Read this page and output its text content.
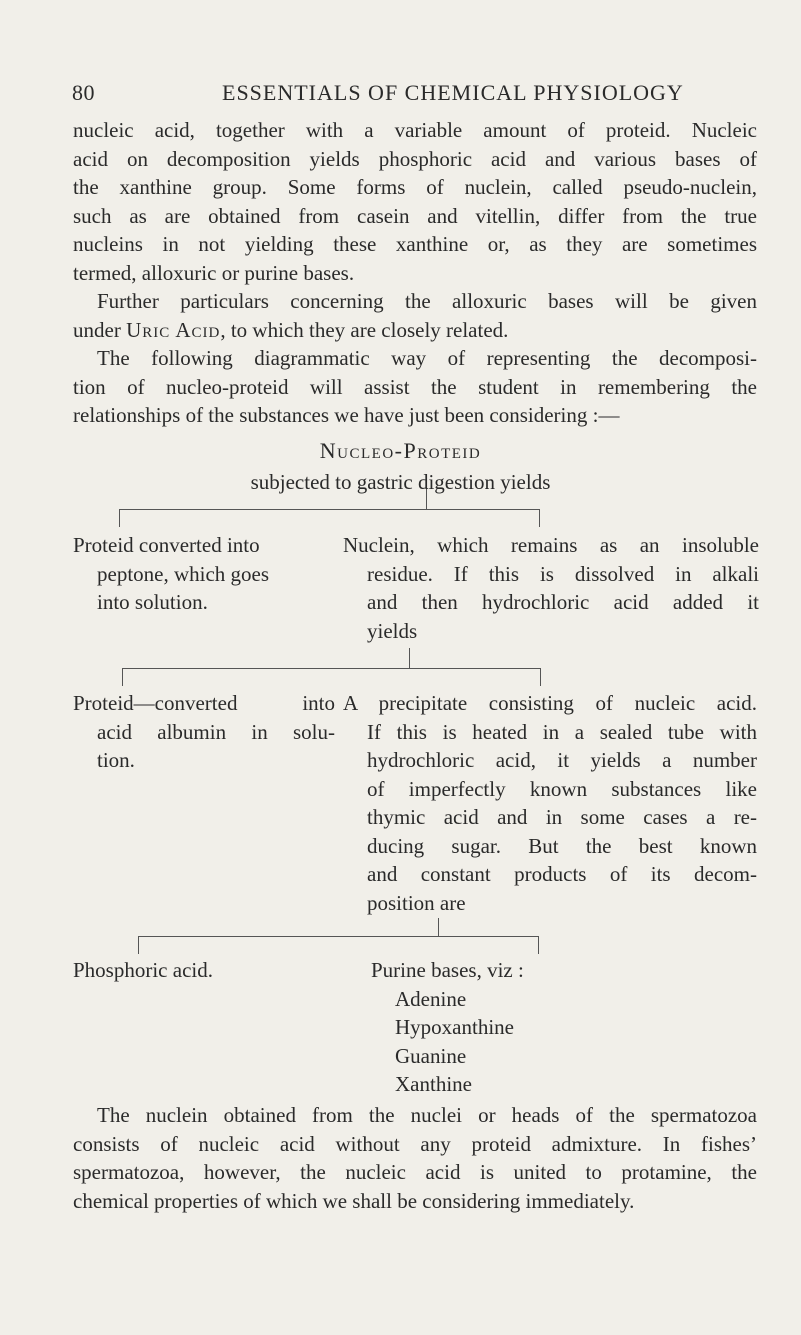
80	ESSENTIALS OF CHEMICAL PHYSIOLOGY
nucleic acid, together with a variable amount of proteid. Nucleic
acid on decomposition yields phosphoric acid and various bases of
the xanthine group. Some forms of nuclein, called pseudo-nuclein,
such as are obtained from casein and vitellin, differ from the true
nucleins in not yielding these xanthine or, as they are sometimes
termed, alloxuric or purine bases.
Further particulars concerning the alloxuric bases will be given
under Uric Acid, to which they are closely related.
The following diagrammatic way of representing the decomposi-
tion of nucleo-proteid will assist the student in remembering the
relationships of the substances we have just been considering :—
Nucleo-Proteid
subjected to gastric digestion yields
Proteid converted into
peptone, which goes
into solution.
Nuclein, which remains as an insoluble
residue. If this is dissolved in alkali
and then hydrochloric acid added it
yields
Proteid—converted into
acid albumin in solu-
tion.
A precipitate consisting of nucleic acid.
If this is heated in a sealed tube with
hydrochloric acid, it yields a number
of imperfectly known substances like
thymic acid and in some cases a re-
ducing sugar. But the best known
and constant products of its decom-
position are
Phosphoric acid.	Purine bases, viz :
Adenine
Hypoxanthine
Guanine
Xanthine
The nuclein obtained from the nuclei or heads of the spermatozoa
consists of nucleic acid without any proteid admixture. In fishes’
spermatozoa, however, the nucleic acid is united to protamine, the
chemical properties of which we shall be considering immediately.
